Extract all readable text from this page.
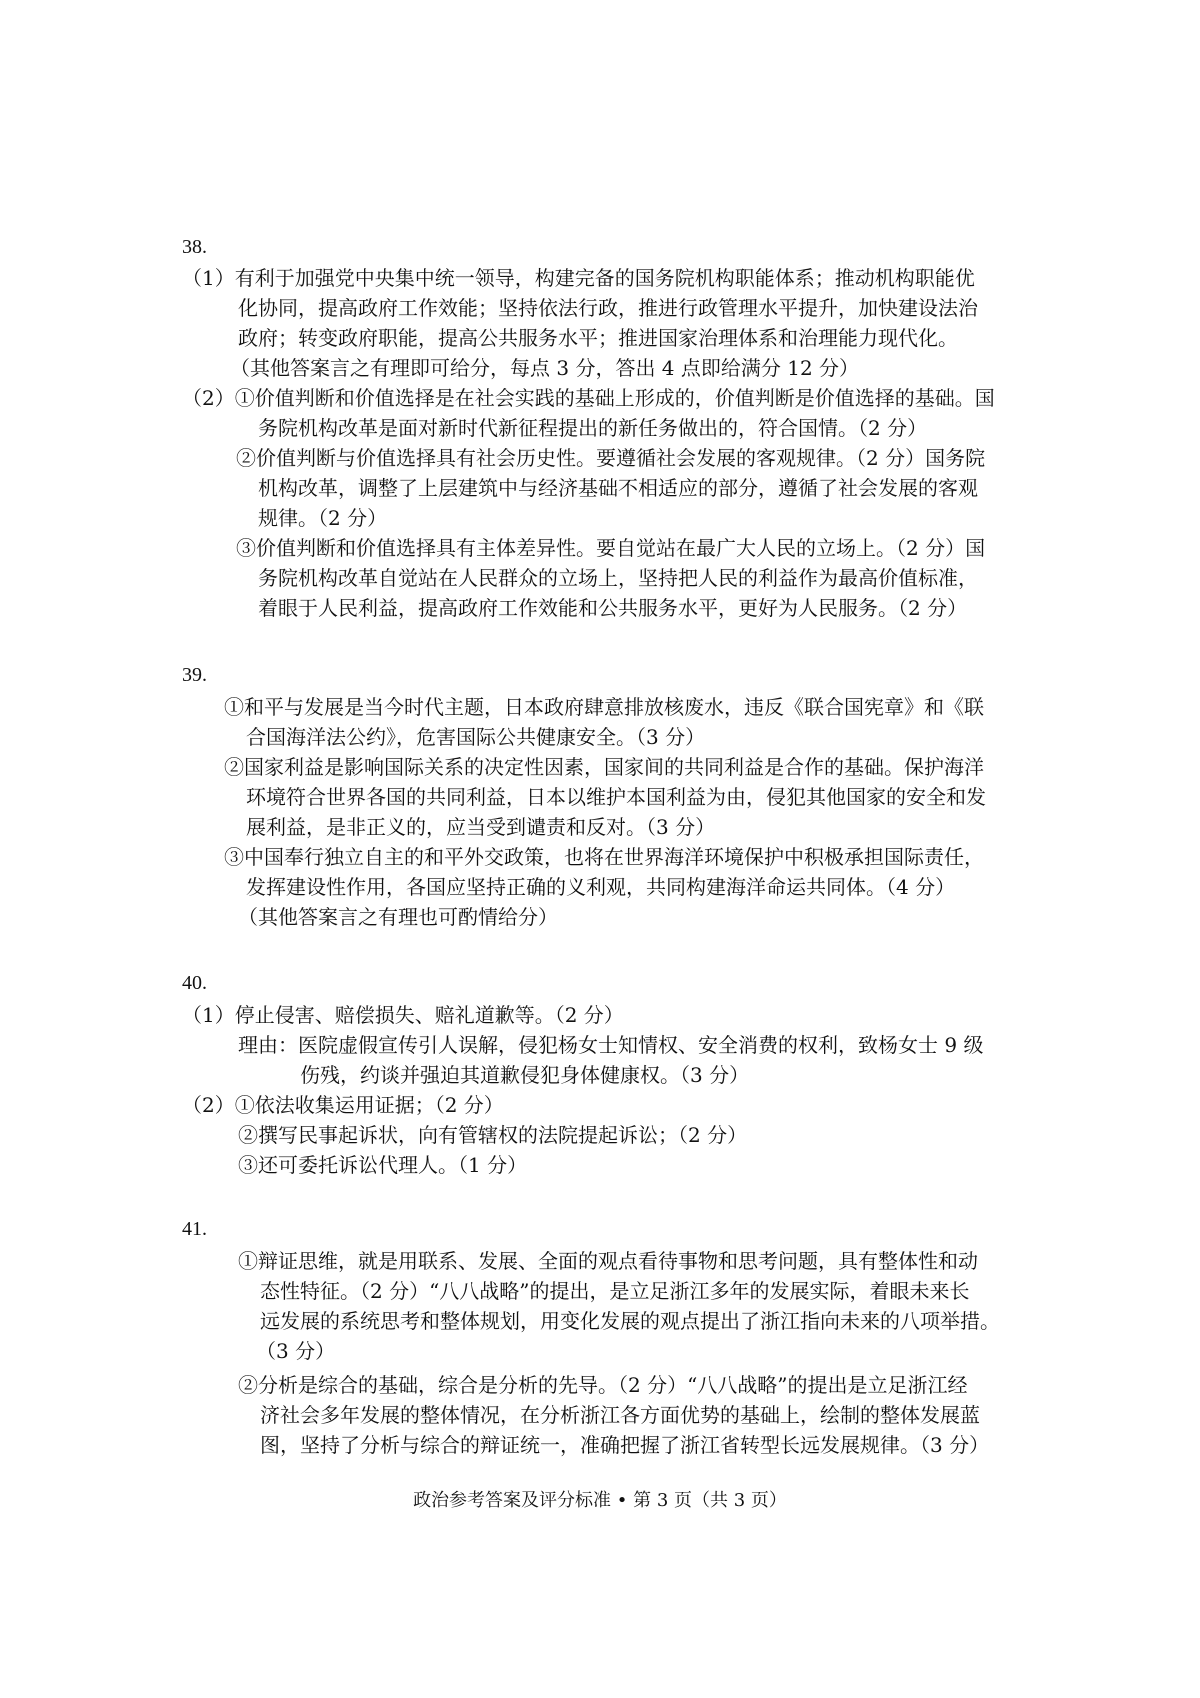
38.
（1）有利于加强党中央集中统一领导，构建完备的国务院机构职能体系；推动机构职能优
化协同，提高政府工作效能；坚持依法行政，推进行政管理水平提升，加快建设法治
政府；转变政府职能，提高公共服务水平；推进国家治理体系和治理能力现代化。
（其他答案言之有理即可给分，每点 3 分，答出 4 点即给满分 12 分）
（2）①价值判断和价值选择是在社会实践的基础上形成的，价值判断是价值选择的基础。国
务院机构改革是面对新时代新征程提出的新任务做出的，符合国情。（2 分）
②价值判断与价值选择具有社会历史性。要遵循社会发展的客观规律。（2 分）国务院
机构改革，调整了上层建筑中与经济基础不相适应的部分，遵循了社会发展的客观
规律。（2 分）
③价值判断和价值选择具有主体差异性。要自觉站在最广大人民的立场上。（2 分）国
务院机构改革自觉站在人民群众的立场上，坚持把人民的利益作为最高价值标准，
着眼于人民利益，提高政府工作效能和公共服务水平，更好为人民服务。（2 分）
39.
①和平与发展是当今时代主题，日本政府肆意排放核废水，违反《联合国宪章》和《联
合国海洋法公约》，危害国际公共健康安全。（3 分）
②国家利益是影响国际关系的决定性因素，国家间的共同利益是合作的基础。保护海洋
环境符合世界各国的共同利益，日本以维护本国利益为由，侵犯其他国家的安全和发
展利益，是非正义的，应当受到谴责和反对。（3 分）
③中国奉行独立自主的和平外交政策，也将在世界海洋环境保护中积极承担国际责任，
发挥建设性作用，各国应坚持正确的义利观，共同构建海洋命运共同体。（4 分）
（其他答案言之有理也可酌情给分）
40.
（1）停止侵害、赔偿损失、赔礼道歉等。（2 分）
理由：医院虚假宣传引人误解，侵犯杨女士知情权、安全消费的权利，致杨女士 9 级
伤残，约谈并强迫其道歉侵犯身体健康权。（3 分）
（2）①依法收集运用证据；（2 分）
②撰写民事起诉状，向有管辖权的法院提起诉讼；（2 分）
③还可委托诉讼代理人。（1 分）
41.
①辩证思维，就是用联系、发展、全面的观点看待事物和思考问题，具有整体性和动
态性特征。（2 分）“八八战略”的提出，是立足浙江多年的发展实际，着眼未来长
远发展的系统思考和整体规划，用变化发展的观点提出了浙江指向未来的八项举措。
（3 分）
②分析是综合的基础，综合是分析的先导。（2 分）“八八战略”的提出是立足浙江经
济社会多年发展的整体情况，在分析浙江各方面优势的基础上，绘制的整体发展蓝
图，坚持了分析与综合的辩证统一，准确把握了浙江省转型长远发展规律。（3 分）
政治参考答案及评分标准 • 第 3 页（共 3 页）
